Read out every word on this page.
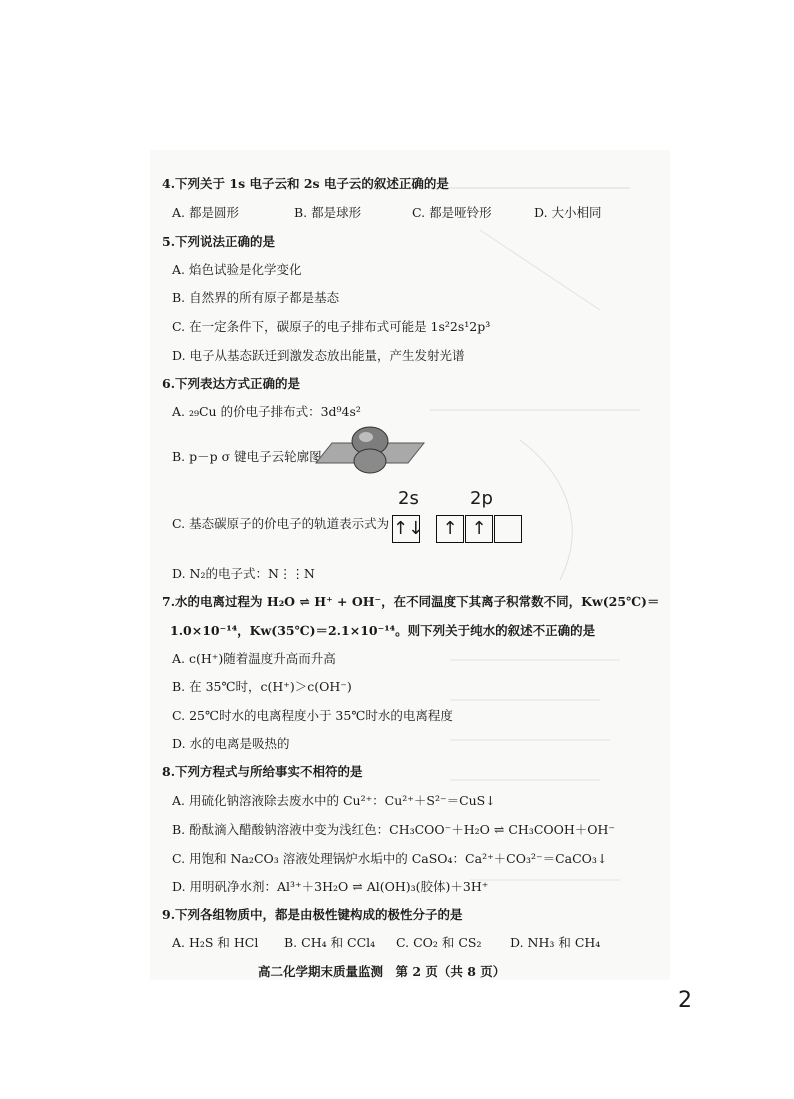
4.下列关于 1s 电子云和 2s 电子云的叙述正确的是
A. 都是圆形	B. 都是球形	C. 都是哑铃形	D. 大小相同
5.下列说法正确的是
A. 焰色试验是化学变化
B. 自然界的所有原子都是基态
C. 在一定条件下，碳原子的电子排布式可能是 1s²2s¹2p³
D. 电子从基态跃迁到激发态放出能量，产生发射光谱
6.下列表达方式正确的是
A. ₂₉Cu 的价电子排布式：3d⁹4s²
B. p－p σ 键电子云轮廓图
C. 基态碳原子的价电子的轨道表示式为
2s	2p
↑↓	↑ ↑
D. N₂的电子式：N⋮⋮N
7.水的电离过程为 H₂O ⇌ H⁺ + OH⁻，在不同温度下其离子积常数不同，Kw(25℃)＝
1.0×10⁻¹⁴，Kw(35℃)＝2.1×10⁻¹⁴。则下列关于纯水的叙述不正确的是
A. c(H⁺)随着温度升高而升高
B. 在 35℃时，c(H⁺)＞c(OH⁻)
C. 25℃时水的电离程度小于 35℃时水的电离程度
D. 水的电离是吸热的
8.下列方程式与所给事实不相符的是
A. 用硫化钠溶液除去废水中的 Cu²⁺：Cu²⁺＋S²⁻＝CuS↓
B. 酚酞滴入醋酸钠溶液中变为浅红色：CH₃COO⁻＋H₂O ⇌ CH₃COOH＋OH⁻
C. 用饱和 Na₂CO₃ 溶液处理锅炉水垢中的 CaSO₄：Ca²⁺＋CO₃²⁻＝CaCO₃↓
D. 用明矾净水剂：Al³⁺＋3H₂O ⇌ Al(OH)₃(胶体)＋3H⁺
9.下列各组物质中，都是由极性键构成的极性分子的是
A. H₂S 和 HCl B. CH₄ 和 CCl₄ C. CO₂ 和 CS₂ D. NH₃ 和 CH₄
高二化学期末质量监测　第 2 页（共 8 页）
2
